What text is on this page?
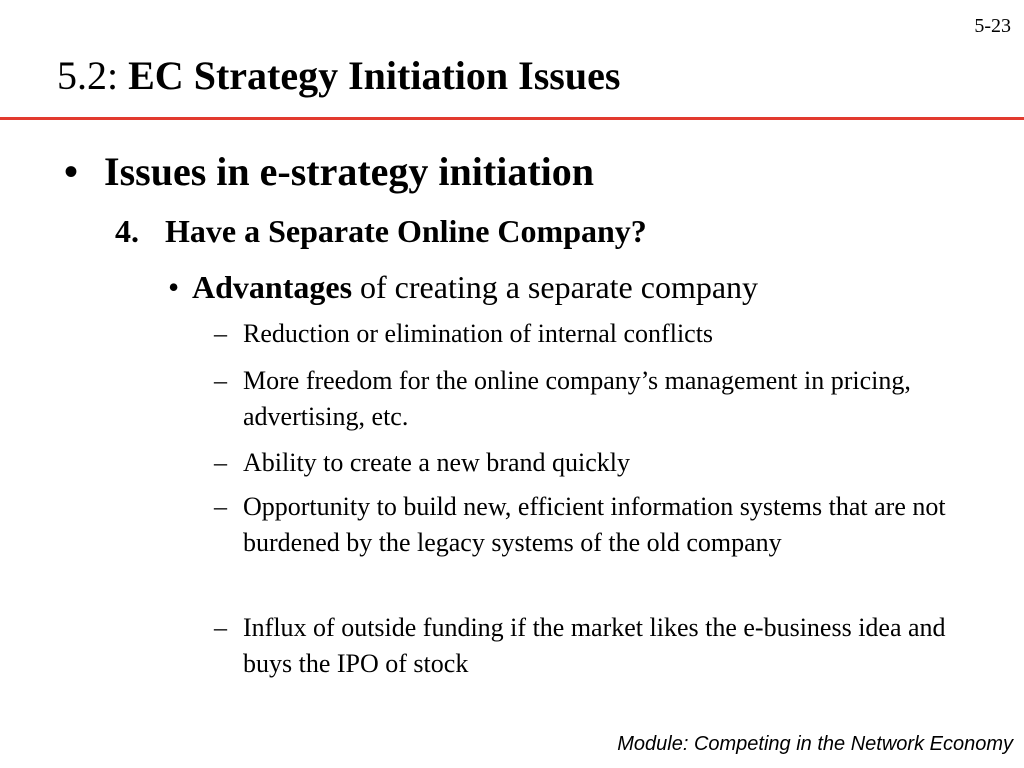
5-23
5.2: EC Strategy Initiation Issues
• Issues in e-strategy initiation
4. Have a Separate Online Company?
• Advantages of creating a separate company
– Reduction or elimination of internal conflicts
– More freedom for the online company’s management in pricing, advertising, etc.
– Ability to create a new brand quickly
– Opportunity to build new, efficient information systems that are not burdened by the legacy systems of the old company
– Influx of outside funding if the market likes the e-business idea and buys the IPO of stock
Module: Competing in the Network Economy
